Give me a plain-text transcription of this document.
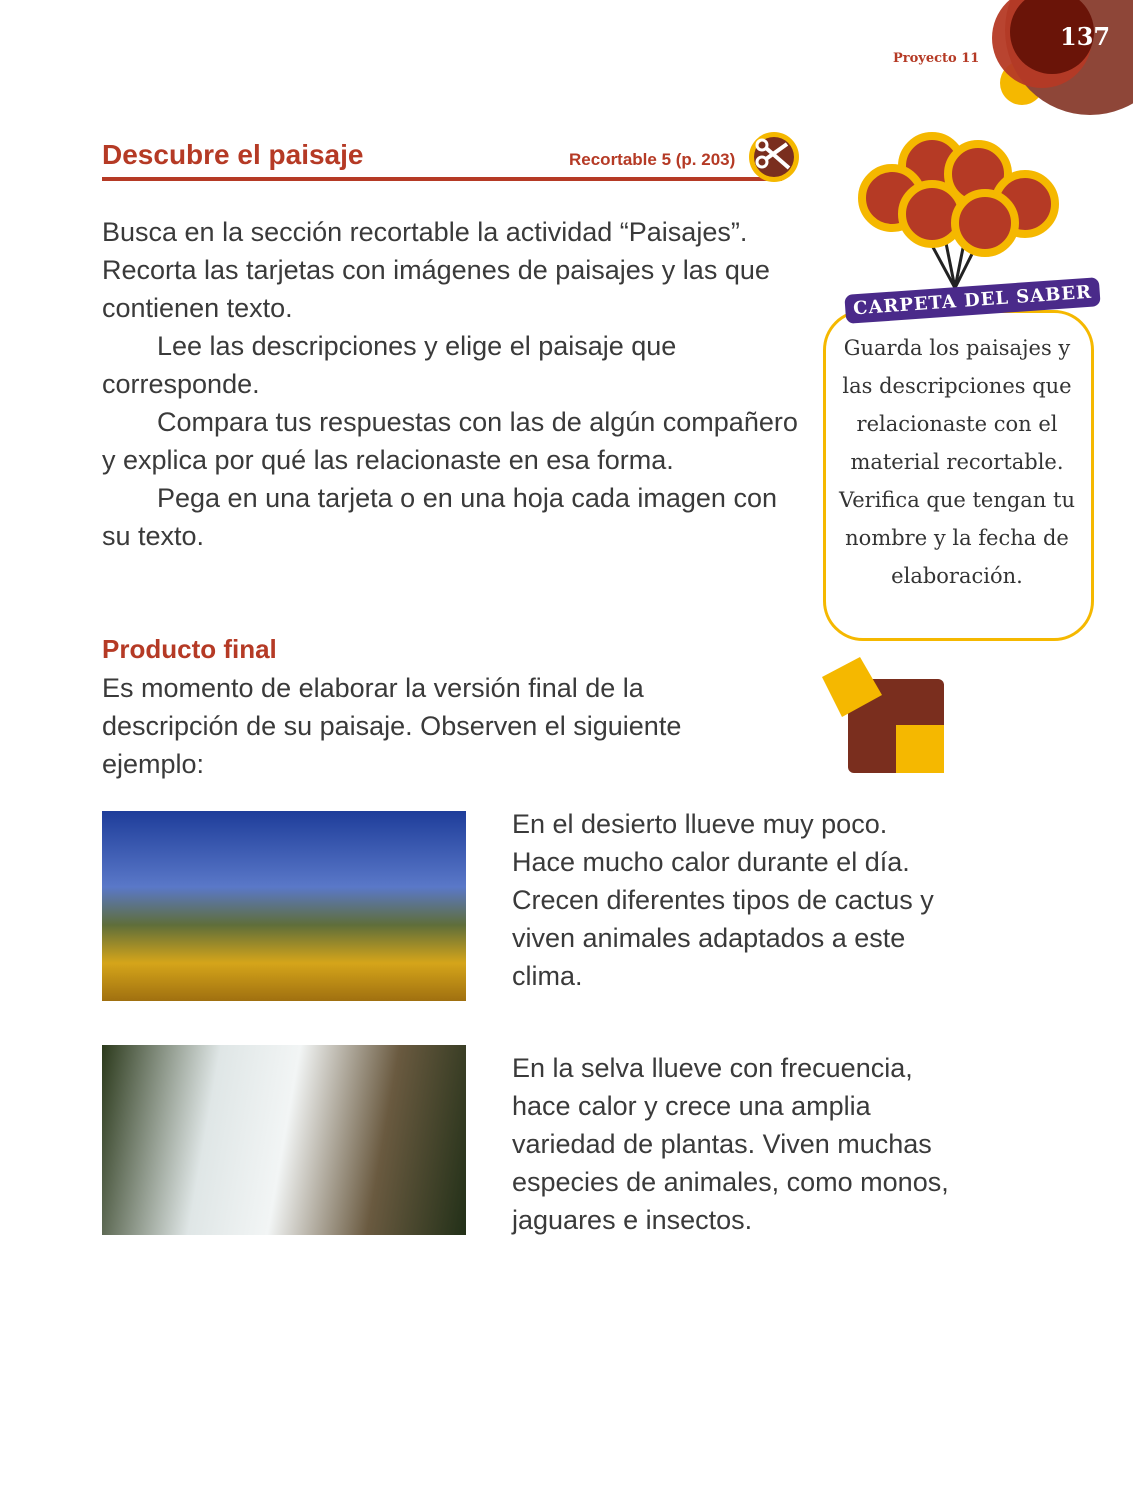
137
Proyecto 11
Descubre el paisaje	Recortable 5 (p. 203)

Busca en la sección recortable la actividad “Paisajes”. Recorta las tarjetas con imágenes de paisajes y las que contienen texto.

Lee las descripciones y elige el paisaje que corresponde.

Compara tus respuestas con las de algún compañero y explica por qué las relacionaste en esa forma.

Pega en una tarjeta o en una hoja cada imagen con su texto.

CARPETA DEL SABER
Guarda los paisajes y las descripciones que relacionaste con el material recortable. Verifica que tengan tu nombre y la fecha de elaboración.
Producto final
Es momento de elaborar la versión final de la descripción de su paisaje. Observen el siguiente ejemplo:
En el desierto llueve muy poco. Hace mucho calor durante el día. Crecen diferentes tipos de cactus y viven animales adaptados a este clima.
En la selva llueve con frecuencia, hace calor y crece una amplia variedad de plantas. Viven muchas especies de animales, como monos, jaguares e insectos.
